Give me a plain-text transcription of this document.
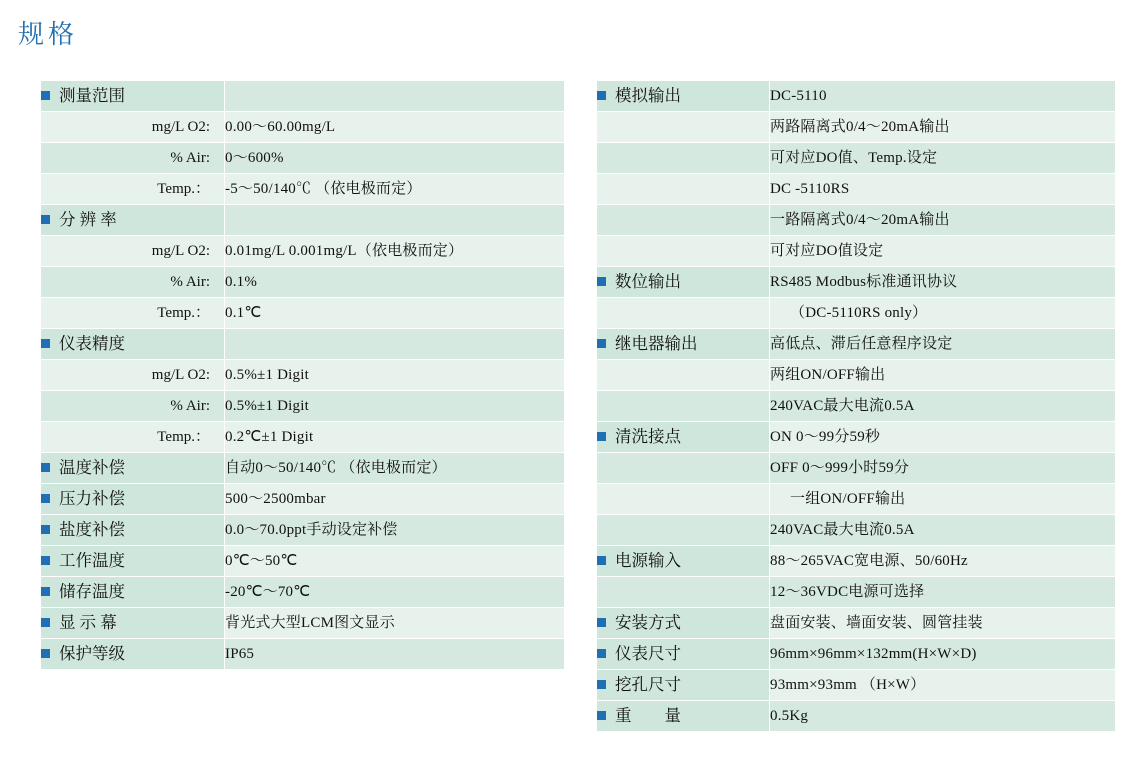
规格
测量范围	

mg/L O2:	0.00～60.00mg/L

% Air:	0～600%

Temp.：	-5～50/140℃ （依电极而定）
分 辨 率	

mg/L O2:	0.01mg/L 0.001mg/L（依电极而定）

% Air:	0.1%

Temp.：	0.1℃
仪表精度	

mg/L O2:	0.5%±1 Digit

% Air:	0.5%±1 Digit

Temp.：	0.2℃±1 Digit
温度补偿	自动0～50/140℃ （依电极而定）
压力补偿	500～2500mbar
盐度补偿	0.0～70.0ppt手动设定补偿
工作温度	0℃～50℃
储存温度	-20℃～70℃
显 示 幕	背光式大型LCM图文显示
保护等级	IP65
模拟输出	DC-5110
	两路隔离式0/4～20mA输出
	可对应DO值、Temp.设定
	DC -5110RS
	一路隔离式0/4～20mA输出
	可对应DO值设定
数位输出	RS485 Modbus标准通讯协议
	（DC-5110RS only）
继电器输出	高低点、滞后任意程序设定
	两组ON/OFF输出
	240VAC最大电流0.5A
清洗接点	ON 0～99分59秒
	OFF 0～999小时59分
	一组ON/OFF输出
	240VAC最大电流0.5A
电源输入	88～265VAC宽电源、50/60Hz
	12～36VDC电源可选择
安装方式	盘面安装、墙面安装、圆管挂装
仪表尺寸	96mm×96mm×132mm(H×W×D)
挖孔尺寸	93mm×93mm （H×W）
重　　量	0.5Kg
